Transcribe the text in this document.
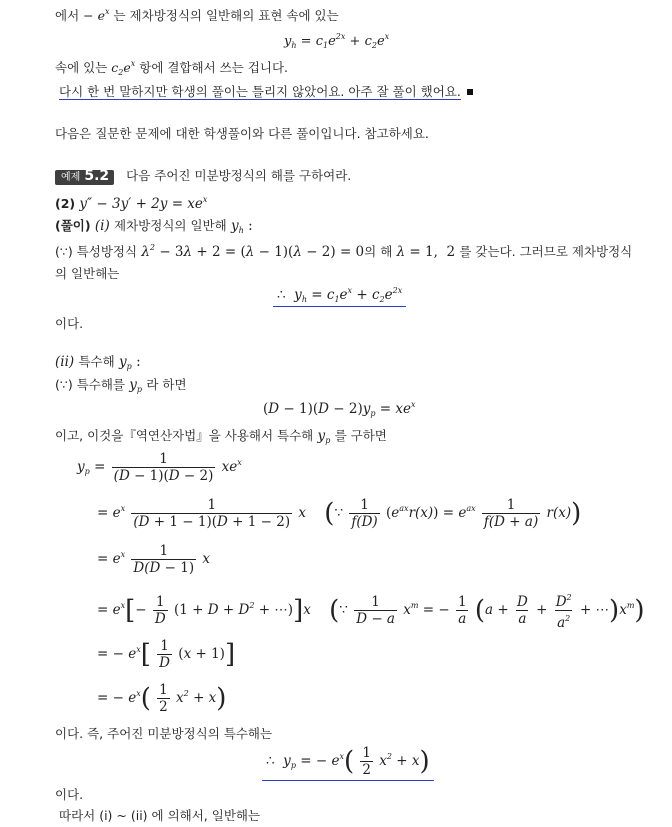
에서 − $e^x$ 는 제차방정식의 일반해의 표현 속에 있는
$y_h = c_1e^{2x} + c_2e^x$
속에 있는 $c_2e^x$ 항에 결합해서 쓰는 겁니다.
다시 한 번 말하지만 학생의 풀이는 틀리지 않았어요. 아주 잘 풀이 했어요.
다음은 질문한 문제에 대한 학생풀이와 다른 풀이입니다. 참고하세요.
예제 5.2 다음 주어진 미분방정식의 해를 구하여라.
(2) $y'' - 3y' + 2y = xe^x$
(풀이) (i) 제차방정식의 일반해 $y_h$ :
(∵) 특성방정식 $\lambda^2 - 3\lambda + 2 = (\lambda - 1)(\lambda - 2) = 0$의 해 λ = 1,  2 를 갖는다. 그러므로 제차방정식
의 일반해는
∴  $y_h = c_1e^x + c_2e^{2x}$
이다.
(ii) 특수해 $y_p$ :
(∵) 특수해를 $y_p$ 라 하면
$(D - 1)(D - 2)y_p = xe^x$
이고, 이것을『역연산자법』을 사용해서 특수해 $y_p$ 를 구하면
$y_p = \frac{1}{(D - 1)(D - 2)} xe^x$
= $e^x \frac{1}{(D + 1 - 1)(D + 1 - 2)}$ x (∵ $\frac{1}{f(D)} (e^{ax}r(x)) = e^{ax} \frac{1}{f(D + a)} r(x)$)
= $e^x \frac{1}{D(D - 1)}$ x
= $e^x[- \frac{1}{D} (1 + D + D^2$ + ⋯)]x (∵ $\frac{1}{D - a} x^m$ = − $\frac{1}{a} (a + \frac{D}{a} + \frac{D^2}{a^2}$ + $\cdots)x^m$)
= − $e^x[ \frac{1}{D} (x + 1)]$
= − $e^x( \frac{1}{2} x^2 + x)$
이다. 즉, 주어진 미분방정식의 특수해는
∴  $y_p$ = − $e^x( \frac{1}{2} x^2 + x)$
이다.
따라서 (i) ~ (ii) 에 의해서, 일반해는
